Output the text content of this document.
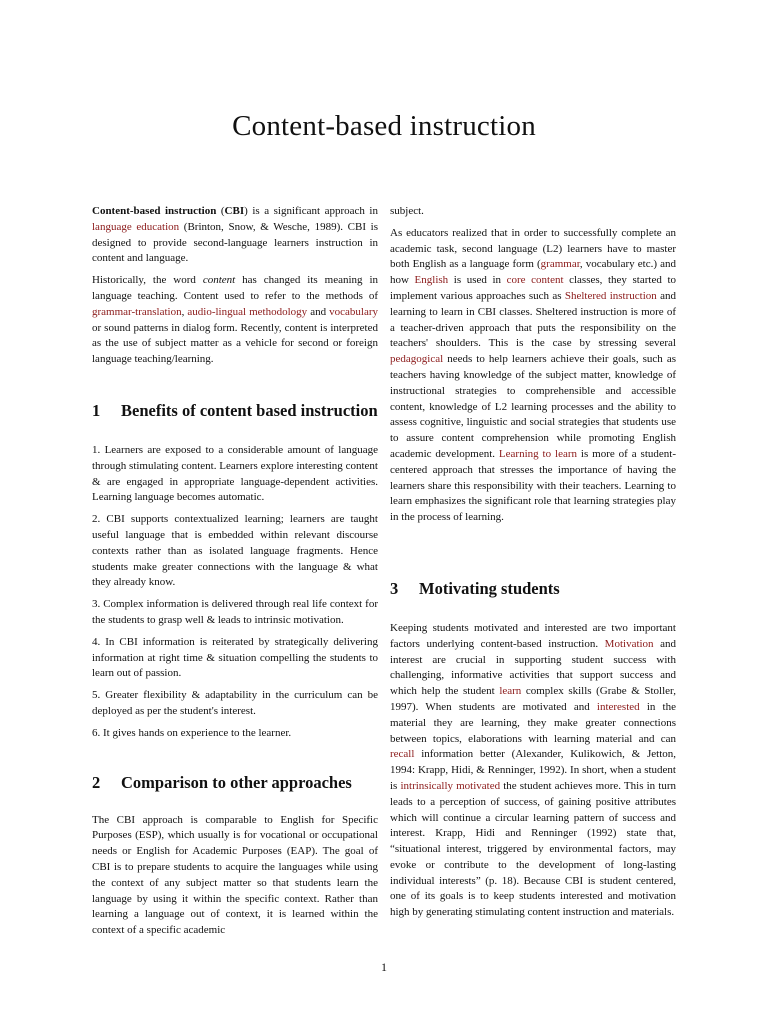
Content-based instruction

Content-based instruction (CBI) is a significant approach in language education (Brinton, Snow, & Wesche, 1989). CBI is designed to provide second-language learners instruction in content and language.

Historically, the word content has changed its meaning in language teaching. Content used to refer to the methods of grammar-translation, audio-lingual methodology and vocabulary or sound patterns in dialog form. Recently, content is interpreted as the use of subject matter as a vehicle for second or foreign language teaching/learning.

1	Benefits of content based instruction

1. Learners are exposed to a considerable amount of language through stimulating content. Learners explore interesting content & are engaged in appropriate language-dependent activities. Learning language becomes automatic.

2. CBI supports contextualized learning; learners are taught useful language that is embedded within relevant discourse contexts rather than as isolated language fragments. Hence students make greater connections with the language & what they already know.

3. Complex information is delivered through real life context for the students to grasp well & leads to intrinsic motivation.

4. In CBI information is reiterated by strategically delivering information at right time & situation compelling the students to learn out of passion.

5. Greater flexibility & adaptability in the curriculum can be deployed as per the student's interest.

6. It gives hands on experience to the learner.

2	Comparison to other approaches

The CBI approach is comparable to English for Specific Purposes (ESP), which usually is for vocational or occupational needs or English for Academic Purposes (EAP). The goal of CBI is to prepare students to acquire the languages while using the context of any subject matter so that students learn the language by using it within the specific context. Rather than learning a language out of context, it is learned within the context of a specific academic

subject.

As educators realized that in order to successfully complete an academic task, second language (L2) learners have to master both English as a language form (grammar, vocabulary etc.) and how English is used in core content classes, they started to implement various approaches such as Sheltered instruction and learning to learn in CBI classes. Sheltered instruction is more of a teacher-driven approach that puts the responsibility on the teachers' shoulders. This is the case by stressing several pedagogical needs to help learners achieve their goals, such as teachers having knowledge of the subject matter, knowledge of instructional strategies to comprehensible and accessible content, knowledge of L2 learning processes and the ability to assess cognitive, linguistic and social strategies that students use to assure content comprehension while promoting English academic development. Learning to learn is more of a student-centered approach that stresses the importance of having the learners share this responsibility with their teachers. Learning to learn emphasizes the significant role that learning strategies play in the process of learning.

3	Motivating students

Keeping students motivated and interested are two important factors underlying content-based instruction. Motivation and interest are crucial in supporting student success with challenging, informative activities that support success and which help the student learn complex skills (Grabe & Stoller, 1997). When students are motivated and interested in the material they are learning, they make greater connections between topics, elaborations with learning material and can recall information better (Alexander, Kulikowich, & Jetton, 1994: Krapp, Hidi, & Renninger, 1992). In short, when a student is intrinsically motivated the student achieves more. This in turn leads to a perception of success, of gaining positive attributes which will continue a circular learning pattern of success and interest. Krapp, Hidi and Renninger (1992) state that, “situational interest, triggered by environmental factors, may evoke or contribute to the development of long-lasting individual interests” (p. 18). Because CBI is student centered, one of its goals is to keep students interested and motivation high by generating stimulating content instruction and materials.

1
